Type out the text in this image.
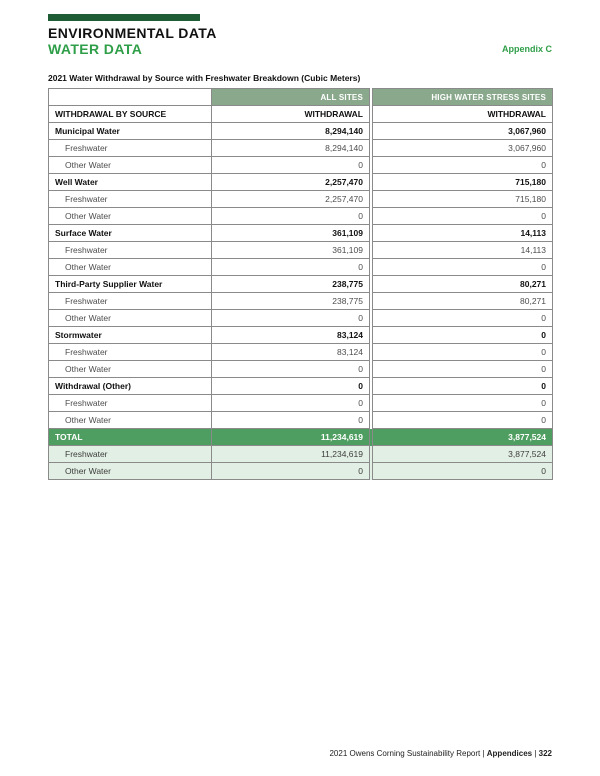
ENVIRONMENTAL DATA
WATER DATA	Appendix C
2021 Water Withdrawal by Source with Freshwater Breakdown (Cubic Meters)
	ALL SITES		HIGH WATER STRESS SITES
WITHDRAWAL BY SOURCE	WITHDRAWAL		WITHDRAWAL
Municipal Water	8,294,140		3,067,960
Freshwater	8,294,140		3,067,960
Other Water	0		0
Well Water	2,257,470		715,180
Freshwater	2,257,470		715,180
Other Water	0		0
Surface Water	361,109		14,113
Freshwater	361,109		14,113
Other Water	0		0
Third-Party Supplier Water	238,775		80,271
Freshwater	238,775		80,271
Other Water	0		0
Stormwater	83,124		0
Freshwater	83,124		0
Other Water	0		0
Withdrawal (Other)	0		0
Freshwater	0		0
Other Water	0		0
TOTAL	11,234,619		3,877,524
Freshwater	11,234,619		3,877,524
Other Water	0		0
2021 Owens Corning Sustainability Report | Appendices | 322
